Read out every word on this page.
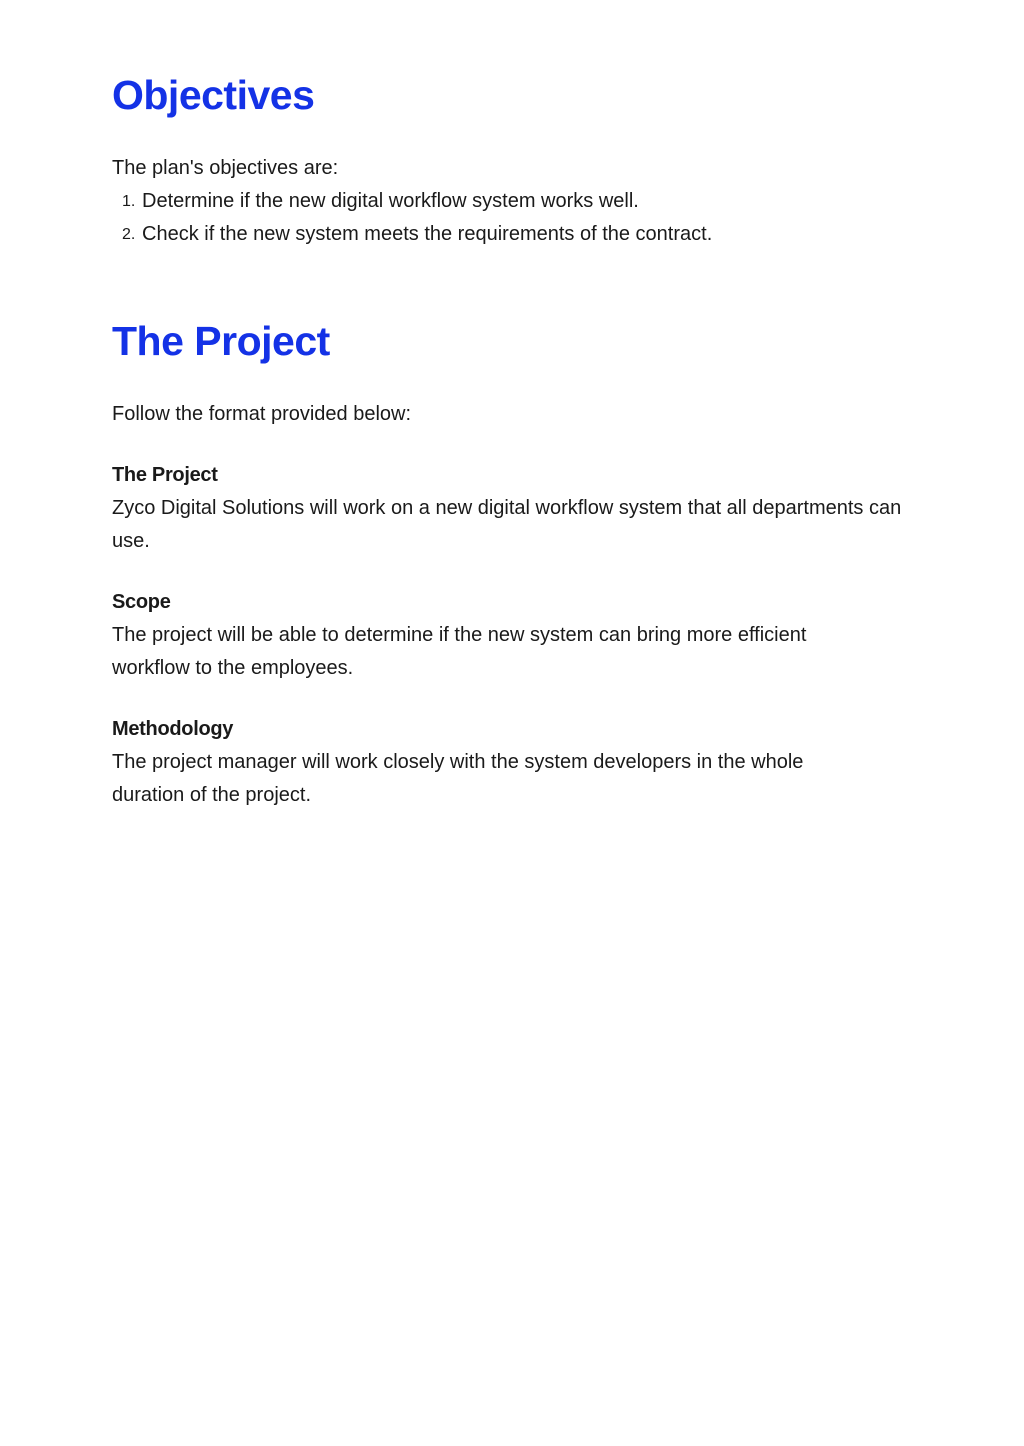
Objectives

The plan's objectives are:

1. Determine if the new digital workflow system works well.
2. Check if the new system meets the requirements of the contract.
The Project

Follow the format provided below:

The Project

Zyco Digital Solutions will work on a new digital workflow system that all departments can use.

Scope

The project will be able to determine if the new system can bring more efficient workflow to the employees.

Methodology

The project manager will work closely with the system developers in the whole duration of the project.
